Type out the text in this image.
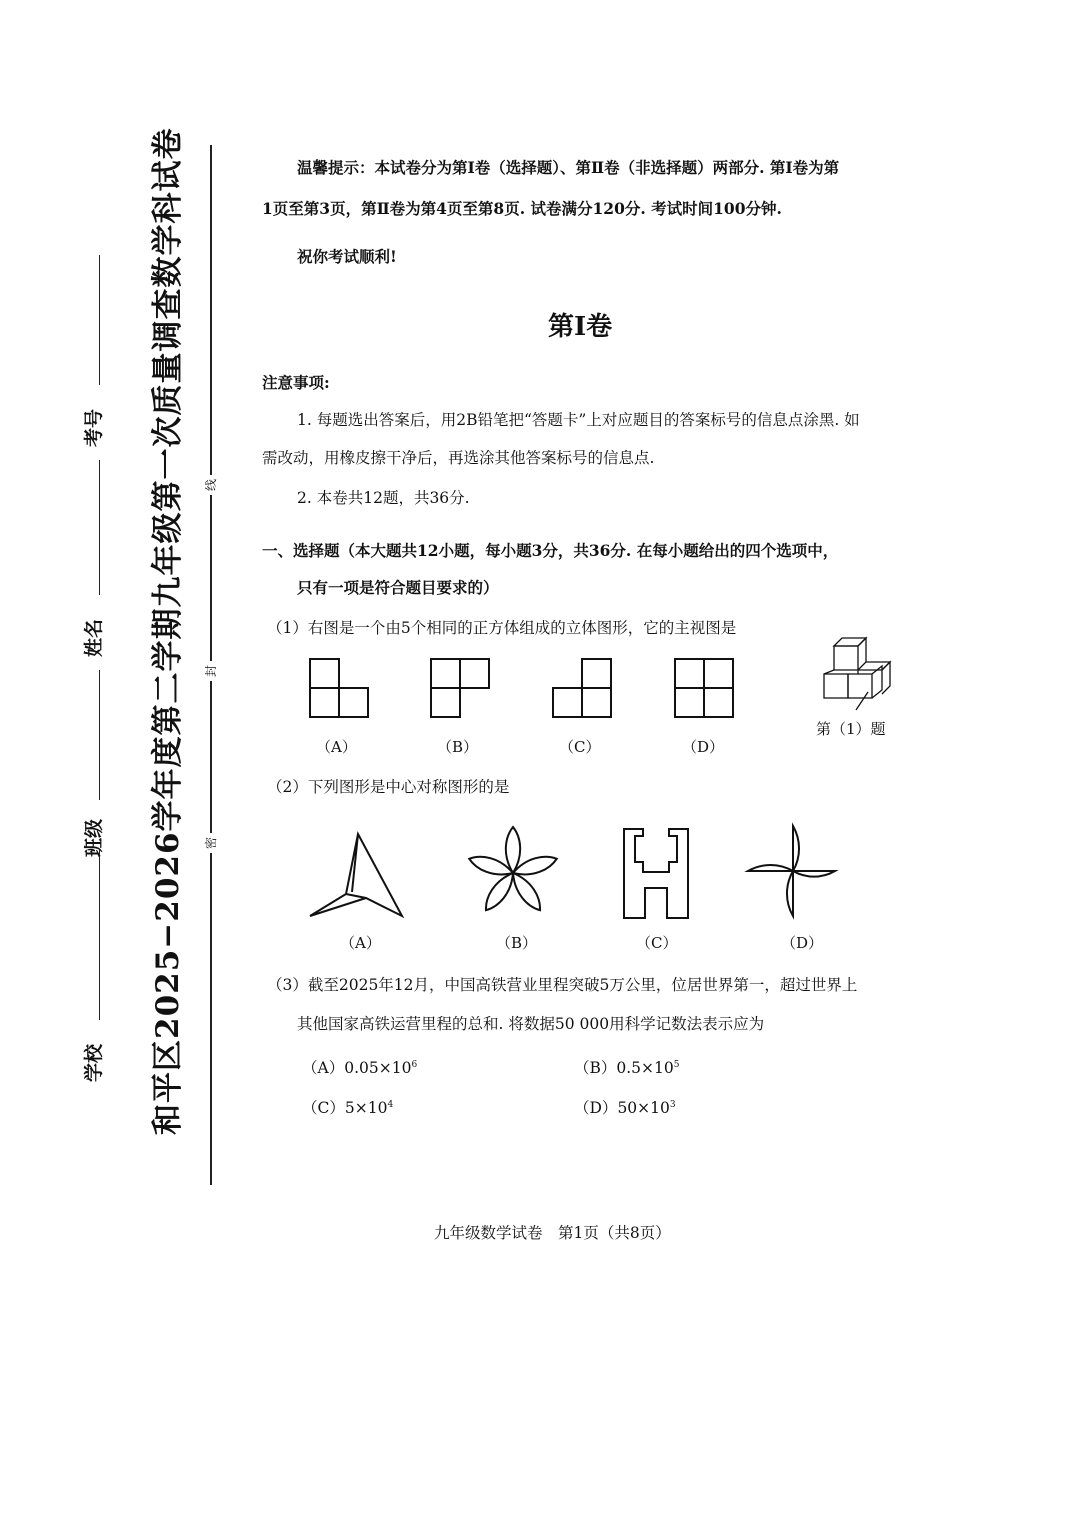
和平区2025−2026学年度第二学期九年级第一次质量调查数学科试卷
学校
班级
姓名
考号
密
封
线
温馨提示：本试卷分为第Ⅰ卷（选择题）、第Ⅱ卷（非选择题）两部分. 第Ⅰ卷为第
1页至第3页，第Ⅱ卷为第4页至第8页. 试卷满分120分. 考试时间100分钟.
祝你考试顺利!
第Ⅰ卷
注意事项:
1. 每题选出答案后，用2B铅笔把“答题卡”上对应题目的答案标号的信息点涂黑. 如
需改动，用橡皮擦干净后，再选涂其他答案标号的信息点.
2. 本卷共12题，共36分.
一、选择题（本大题共12小题，每小题3分，共36分. 在每小题给出的四个选项中，
只有一项是符合题目要求的）
（1）右图是一个由5个相同的正方体组成的立体图形，它的主视图是
（A）	（B）	（C）	（D）
第（1）题
（2）下列图形是中心对称图形的是
（A）	（B）	（C）	（D）
（3）截至2025年12月，中国高铁营业里程突破5万公里，位居世界第一，超过世界上
其他国家高铁运营里程的总和. 将数据50 000用科学记数法表示应为
$(A)0.05\times 10^6$	$(B)0.5\times 10^5$
$(C)5\times 10^4$	$(D)50\times 10^3$
九年级数学试卷　第1页（共8页）
